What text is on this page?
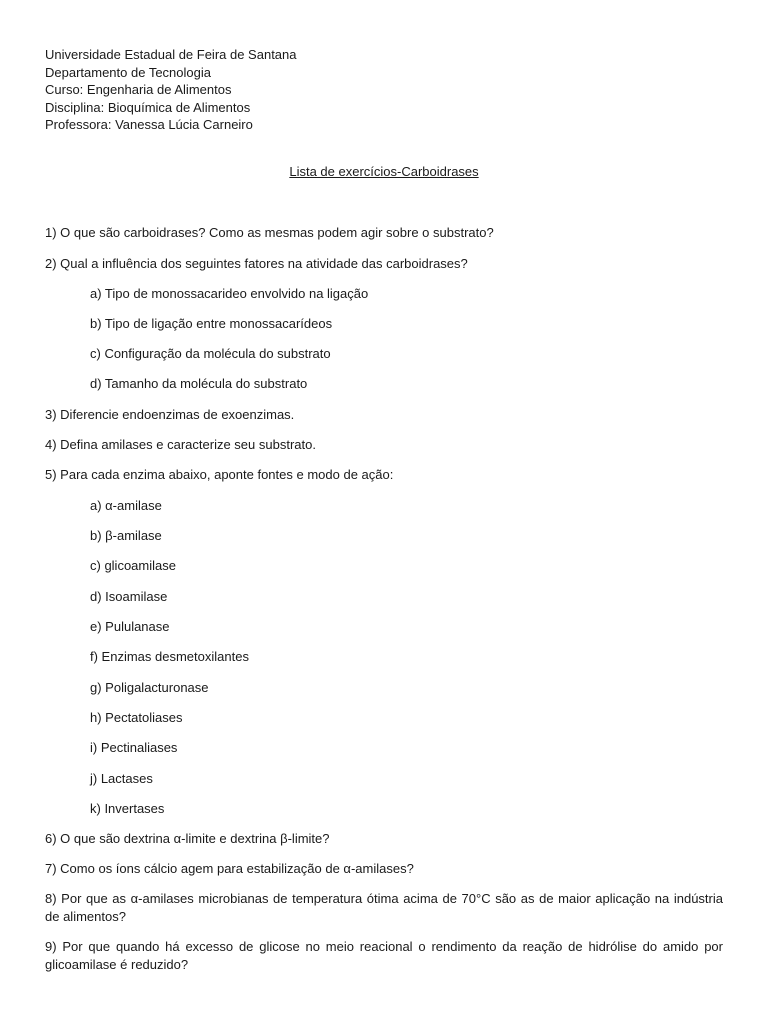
Universidade Estadual de Feira de Santana
Departamento de Tecnologia
Curso: Engenharia de Alimentos
Disciplina: Bioquímica de Alimentos
Professora: Vanessa Lúcia Carneiro
Lista de exercícios-Carboidrases
1) O que são carboidrases? Como as mesmas podem agir sobre o substrato?
2) Qual a influência dos seguintes fatores na atividade das carboidrases?
a) Tipo de monossacarideo envolvido na ligação
b) Tipo de ligação entre monossacarídeos
c) Configuração da molécula do substrato
d) Tamanho da molécula do substrato
3) Diferencie endoenzimas de exoenzimas.
4) Defina amilases e caracterize seu substrato.
5) Para cada enzima abaixo, aponte fontes e modo de ação:
a) α-amilase
b) β-amilase
c) glicoamilase
d) Isoamilase
e) Pululanase
f) Enzimas desmetoxilantes
g) Poligalacturonase
h) Pectatoliases
i) Pectinaliases
j) Lactases
k) Invertases
6) O que são dextrina α-limite e dextrina β-limite?
7) Como os íons cálcio agem para estabilização de α-amilases?
8) Por que as α-amilases microbianas de temperatura ótima acima de 70°C são as de maior aplicação na indústria de alimentos?
9) Por que quando há excesso de glicose no meio reacional o rendimento da reação de hidrólise do amido por glicoamilase é reduzido?
